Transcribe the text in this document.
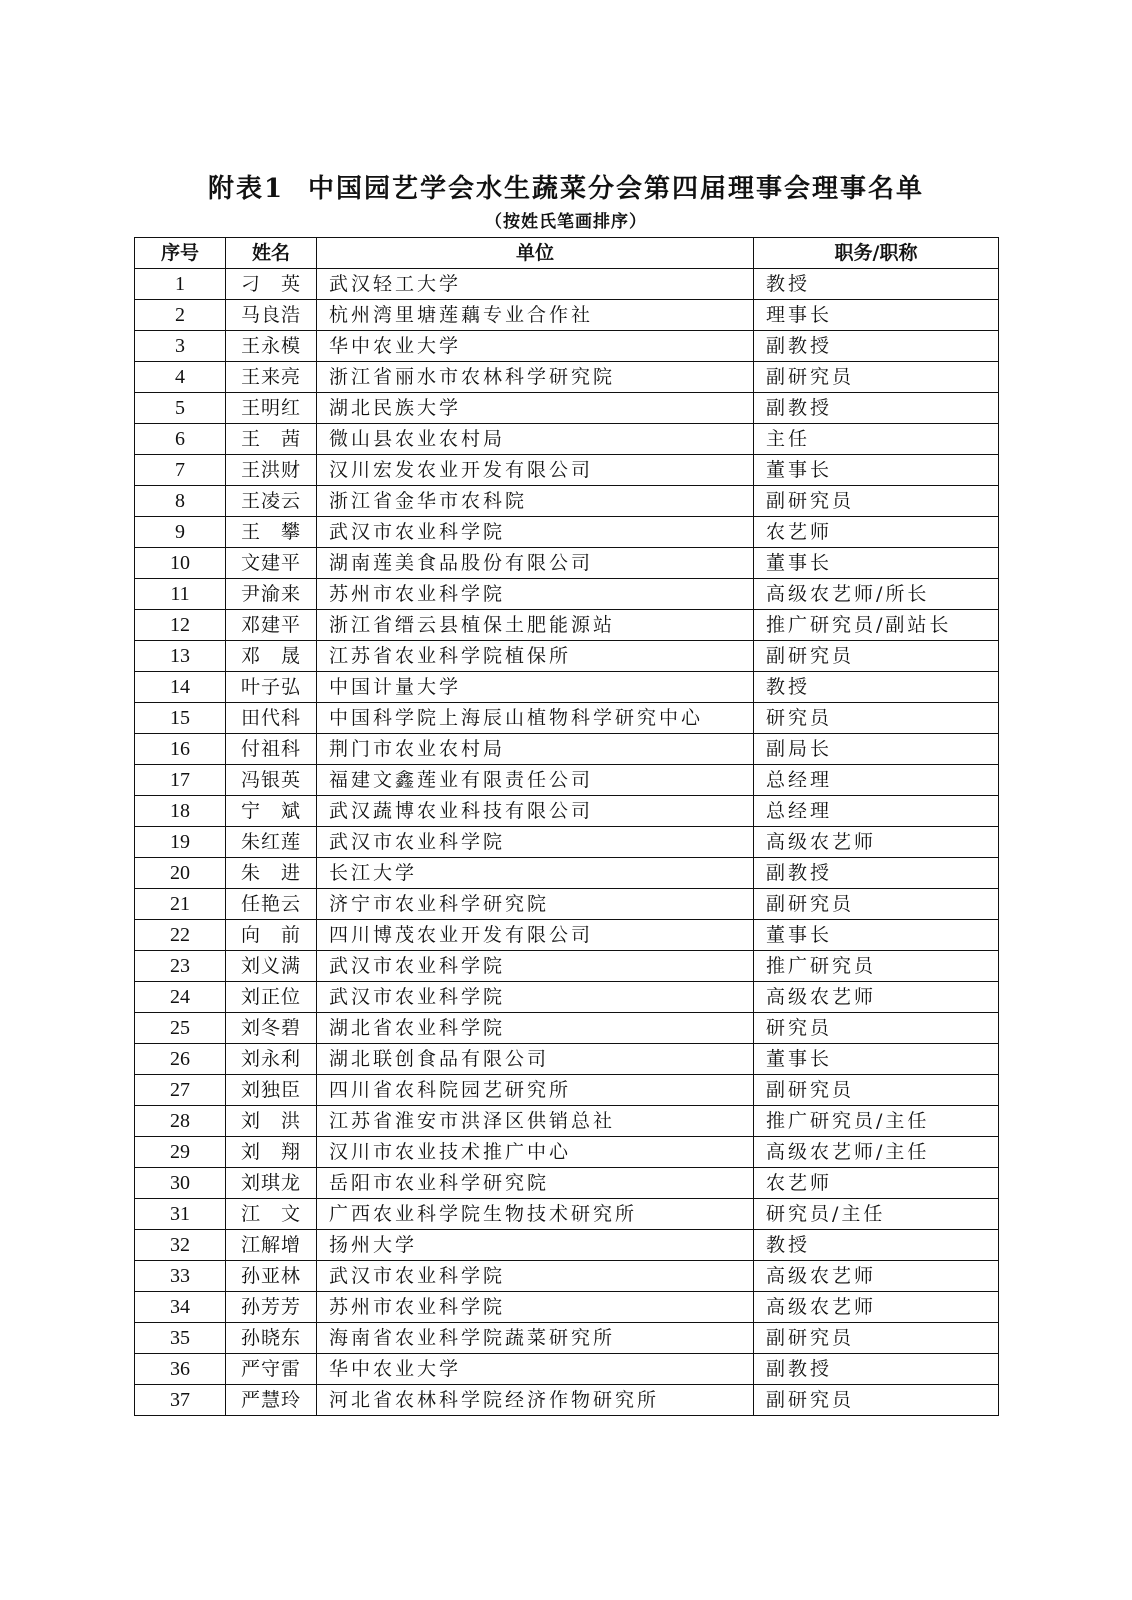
附表1 中国园艺学会水生蔬菜分会第四届理事会理事名单
（按姓氏笔画排序）
序号	姓名	单位	职务/职称
1	刁　英	武汉轻工大学	教授
2	马良浩	杭州湾里塘莲藕专业合作社	理事长
3	王永模	华中农业大学	副教授
4	王来亮	浙江省丽水市农林科学研究院	副研究员
5	王明红	湖北民族大学	副教授
6	王　茜	微山县农业农村局	主任
7	王洪财	汉川宏发农业开发有限公司	董事长
8	王凌云	浙江省金华市农科院	副研究员
9	王　攀	武汉市农业科学院	农艺师
10	文建平	湖南莲美食品股份有限公司	董事长
11	尹渝来	苏州市农业科学院	高级农艺师/所长
12	邓建平	浙江省缙云县植保土肥能源站	推广研究员/副站长
13	邓　晟	江苏省农业科学院植保所	副研究员
14	叶子弘	中国计量大学	教授
15	田代科	中国科学院上海辰山植物科学研究中心	研究员
16	付祖科	荆门市农业农村局	副局长
17	冯银英	福建文鑫莲业有限责任公司	总经理
18	宁　斌	武汉蔬博农业科技有限公司	总经理
19	朱红莲	武汉市农业科学院	高级农艺师
20	朱　进	长江大学	副教授
21	任艳云	济宁市农业科学研究院	副研究员
22	向　前	四川博茂农业开发有限公司	董事长
23	刘义满	武汉市农业科学院	推广研究员
24	刘正位	武汉市农业科学院	高级农艺师
25	刘冬碧	湖北省农业科学院	研究员
26	刘永利	湖北联创食品有限公司	董事长
27	刘独臣	四川省农科院园艺研究所	副研究员
28	刘　洪	江苏省淮安市洪泽区供销总社	推广研究员/主任
29	刘　翔	汉川市农业技术推广中心	高级农艺师/主任
30	刘琪龙	岳阳市农业科学研究院	农艺师
31	江　文	广西农业科学院生物技术研究所	研究员/主任
32	江解增	扬州大学	教授
33	孙亚林	武汉市农业科学院	高级农艺师
34	孙芳芳	苏州市农业科学院	高级农艺师
35	孙晓东	海南省农业科学院蔬菜研究所	副研究员
36	严守雷	华中农业大学	副教授
37	严慧玲	河北省农林科学院经济作物研究所	副研究员
